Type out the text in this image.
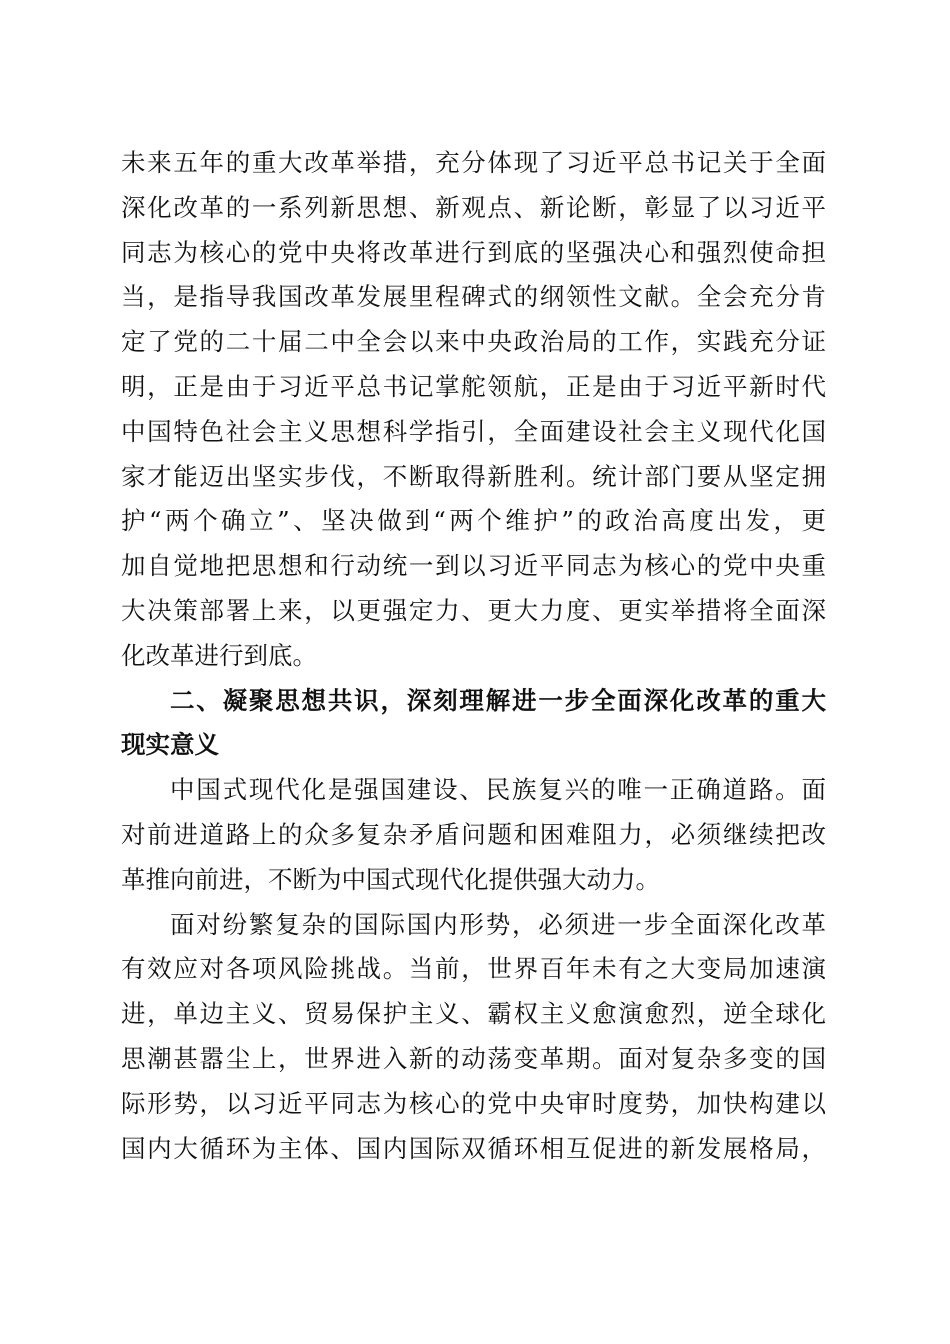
未来五年的重大改革举措，充分体现了习近平总书记关于全面
深化改革的一系列新思想、新观点、新论断，彰显了以习近平
同志为核心的党中央将改革进行到底的坚强决心和强烈使命担
当，是指导我国改革发展里程碑式的纲领性文献。全会充分肯
定了党的二十届二中全会以来中央政治局的工作，实践充分证
明，正是由于习近平总书记掌舵领航，正是由于习近平新时代
中国特色社会主义思想科学指引，全面建设社会主义现代化国
家才能迈出坚实步伐，不断取得新胜利。统计部门要从坚定拥
护“两个确立”、坚决做到“两个维护”的政治高度出发，更
加自觉地把思想和行动统一到以习近平同志为核心的党中央重
大决策部署上来，以更强定力、更大力度、更实举措将全面深
化改革进行到底。
二、凝聚思想共识，深刻理解进一步全面深化改革的重大
现实意义
中国式现代化是强国建设、民族复兴的唯一正确道路。面
对前进道路上的众多复杂矛盾问题和困难阻力，必须继续把改
革推向前进，不断为中国式现代化提供强大动力。
面对纷繁复杂的国际国内形势，必须进一步全面深化改革
有效应对各项风险挑战。当前，世界百年未有之大变局加速演
进，单边主义、贸易保护主义、霸权主义愈演愈烈，逆全球化
思潮甚嚣尘上，世界进入新的动荡变革期。面对复杂多变的国
际形势，以习近平同志为核心的党中央审时度势，加快构建以
国内大循环为主体、国内国际双循环相互促进的新发展格局，
